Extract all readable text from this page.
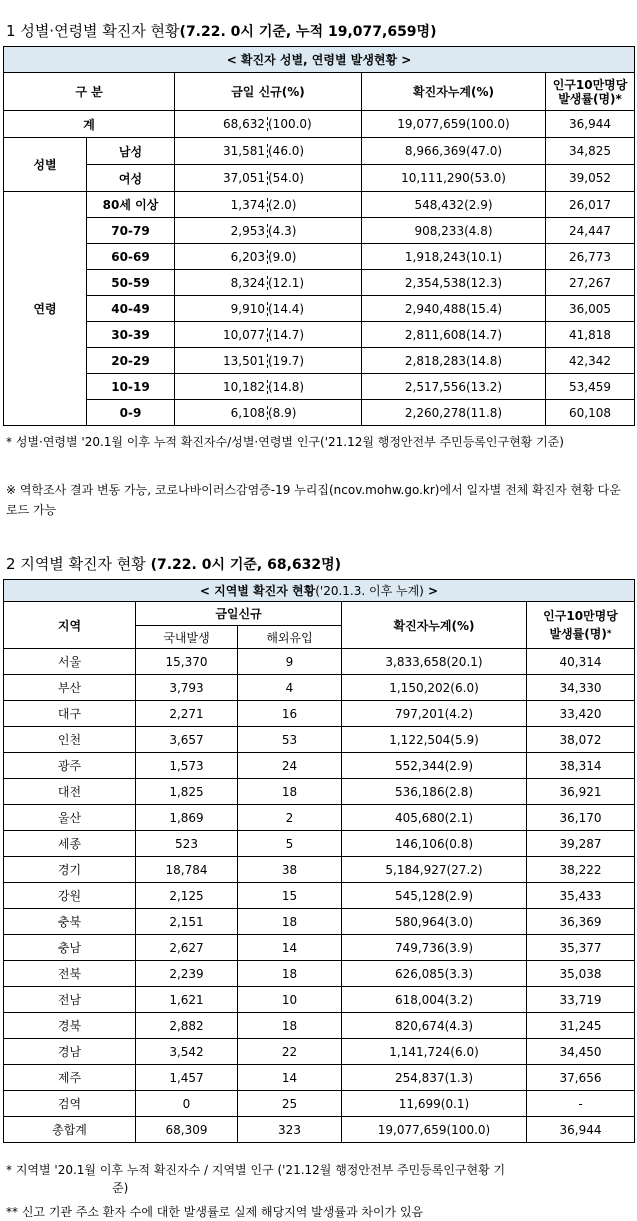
1 성별·연령별 확진자 현황(7.22. 0시 기준, 누적 19,077,659명)
< 확진자 성별, 연령별 발생현황 >				
구 분		금일 신규(%)	확진자누계(%)	인구10만명당
발생률(명)*

계		68,632 (100.0)	19,077,659(100.0)	36,944
성별	남성	31,581 (46.0)	8,966,369(47.0)	34,825
	여성	37,051 (54.0)	10,111,290(53.0)	39,052
연령	80세 이상	1,374 (2.0)	548,432(2.9)	26,017
	70-79	2,953 (4.3)	908,233(4.8)	24,447
	60-69	6,203 (9.0)	1,918,243(10.1)	26,773
	50-59	8,324 (12.1)	2,354,538(12.3)	27,267
	40-49	9,910 (14.4)	2,940,488(15.4)	36,005
	30-39	10,077 (14.7)	2,811,608(14.7)	41,818
	20-29	13,501 (19.7)	2,818,283(14.8)	42,342
	10-19	10,182 (14.8)	2,517,556(13.2)	53,459
	0-9	6,108 (8.9)	2,260,278(11.8)	60,108
* 성별·연령별 '20.1월 이후 누적 확진자수/성별·연령별 인구('21.12월 행정안전부 주민등록인구현황 기준)
※ 역학조사 결과 변동 가능, 코로나바이러스감염증-19 누리집(ncov.mohw.go.kr)에서 일자별 전체 확진자 현황 다운로드 가능
2 지역별 확진자 현황 (7.22. 0시 기준, 68,632명)
< 지역별 확진자 현황('20.1.3. 이후 누계) >				
지역	금일신규		확진자누계(%)	인구10만명당
발생률(명)*

	국내발생	해외유입		
서울	15,370	9	3,833,658(20.1)	40,314
부산	3,793	4	1,150,202(6.0)	34,330
대구	2,271	16	797,201(4.2)	33,420
인천	3,657	53	1,122,504(5.9)	38,072
광주	1,573	24	552,344(2.9)	38,314
대전	1,825	18	536,186(2.8)	36,921
울산	1,869	2	405,680(2.1)	36,170
세종	523	5	146,106(0.8)	39,287
경기	18,784	38	5,184,927(27.2)	38,222
강원	2,125	15	545,128(2.9)	35,433
충북	2,151	18	580,964(3.0)	36,369
충남	2,627	14	749,736(3.9)	35,377
전북	2,239	18	626,085(3.3)	35,038
전남	1,621	10	618,004(3.2)	33,719
경북	2,882	18	820,674(4.3)	31,245
경남	3,542	22	1,141,724(6.0)	34,450
제주	1,457	14	254,837(1.3)	37,656
검역	0	25	11,699(0.1)	-
총합계	68,309	323	19,077,659(100.0)	36,944
* 지역별 '20.1월 이후 누적 확진자수 / 지역별 인구 ('21.12월 행정안전부 주민등록인구현황 기
준)
** 신고 기관 주소 환자 수에 대한 발생률로 실제 해당지역 발생률과 차이가 있음
